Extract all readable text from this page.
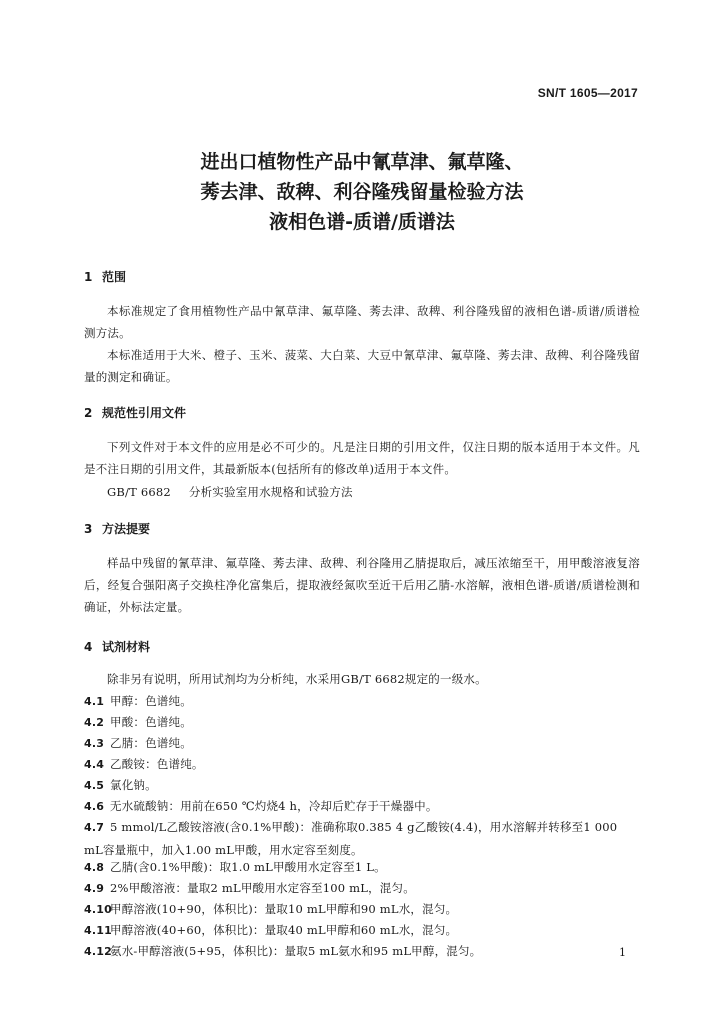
SN/T 1605—2017
进出口植物性产品中氰草津、氟草隆、
莠去津、敌稗、利谷隆残留量检验方法
液相色谱-质谱/质谱法
1 范围
本标准规定了食用植物性产品中氰草津、氟草隆、莠去津、敌稗、利谷隆残留的液相色谱-质谱/质谱检测方法。
本标准适用于大米、橙子、玉米、菠菜、大白菜、大豆中氰草津、氟草隆、莠去津、敌稗、利谷隆残留量的测定和确证。
2 规范性引用文件
下列文件对于本文件的应用是必不可少的。凡是注日期的引用文件，仅注日期的版本适用于本文件。凡是不注日期的引用文件，其最新版本(包括所有的修改单)适用于本文件。
GB/T 6682 分析实验室用水规格和试验方法
3 方法提要
样品中残留的氰草津、氟草隆、莠去津、敌稗、利谷隆用乙腈提取后，减压浓缩至干，用甲酸溶液复溶后，经复合强阳离子交换柱净化富集后，提取液经氮吹至近干后用乙腈-水溶解，液相色谱-质谱/质谱检测和确证，外标法定量。
4 试剂材料
除非另有说明，所用试剂均为分析纯，水采用GB/T 6682规定的一级水。
4.1 甲醇：色谱纯。
4.2 甲酸：色谱纯。
4.3 乙腈：色谱纯。
4.4 乙酸铵：色谱纯。
4.5 氯化钠。
4.6 无水硫酸钠：用前在650 ℃灼烧4 h，冷却后贮存于干燥器中。
4.7 5 mmol/L乙酸铵溶液(含0.1%甲酸)：准确称取0.385 4 g乙酸铵(4.4)，用水溶解并转移至1 000 mL容量瓶中，加入1.00 mL甲酸，用水定容至刻度。
4.8 乙腈(含0.1%甲酸)：取1.0 mL甲酸用水定容至1 L。
4.9 2%甲酸溶液：量取2 mL甲酸用水定容至100 mL，混匀。
4.10甲醇溶液(10+90，体积比)：量取10 mL甲醇和90 mL水，混匀。
4.11甲醇溶液(40+60，体积比)：量取40 mL甲醇和60 mL水，混匀。
4.12氨水-甲醇溶液(5+95，体积比)：量取5 mL氨水和95 mL甲醇，混匀。	1
